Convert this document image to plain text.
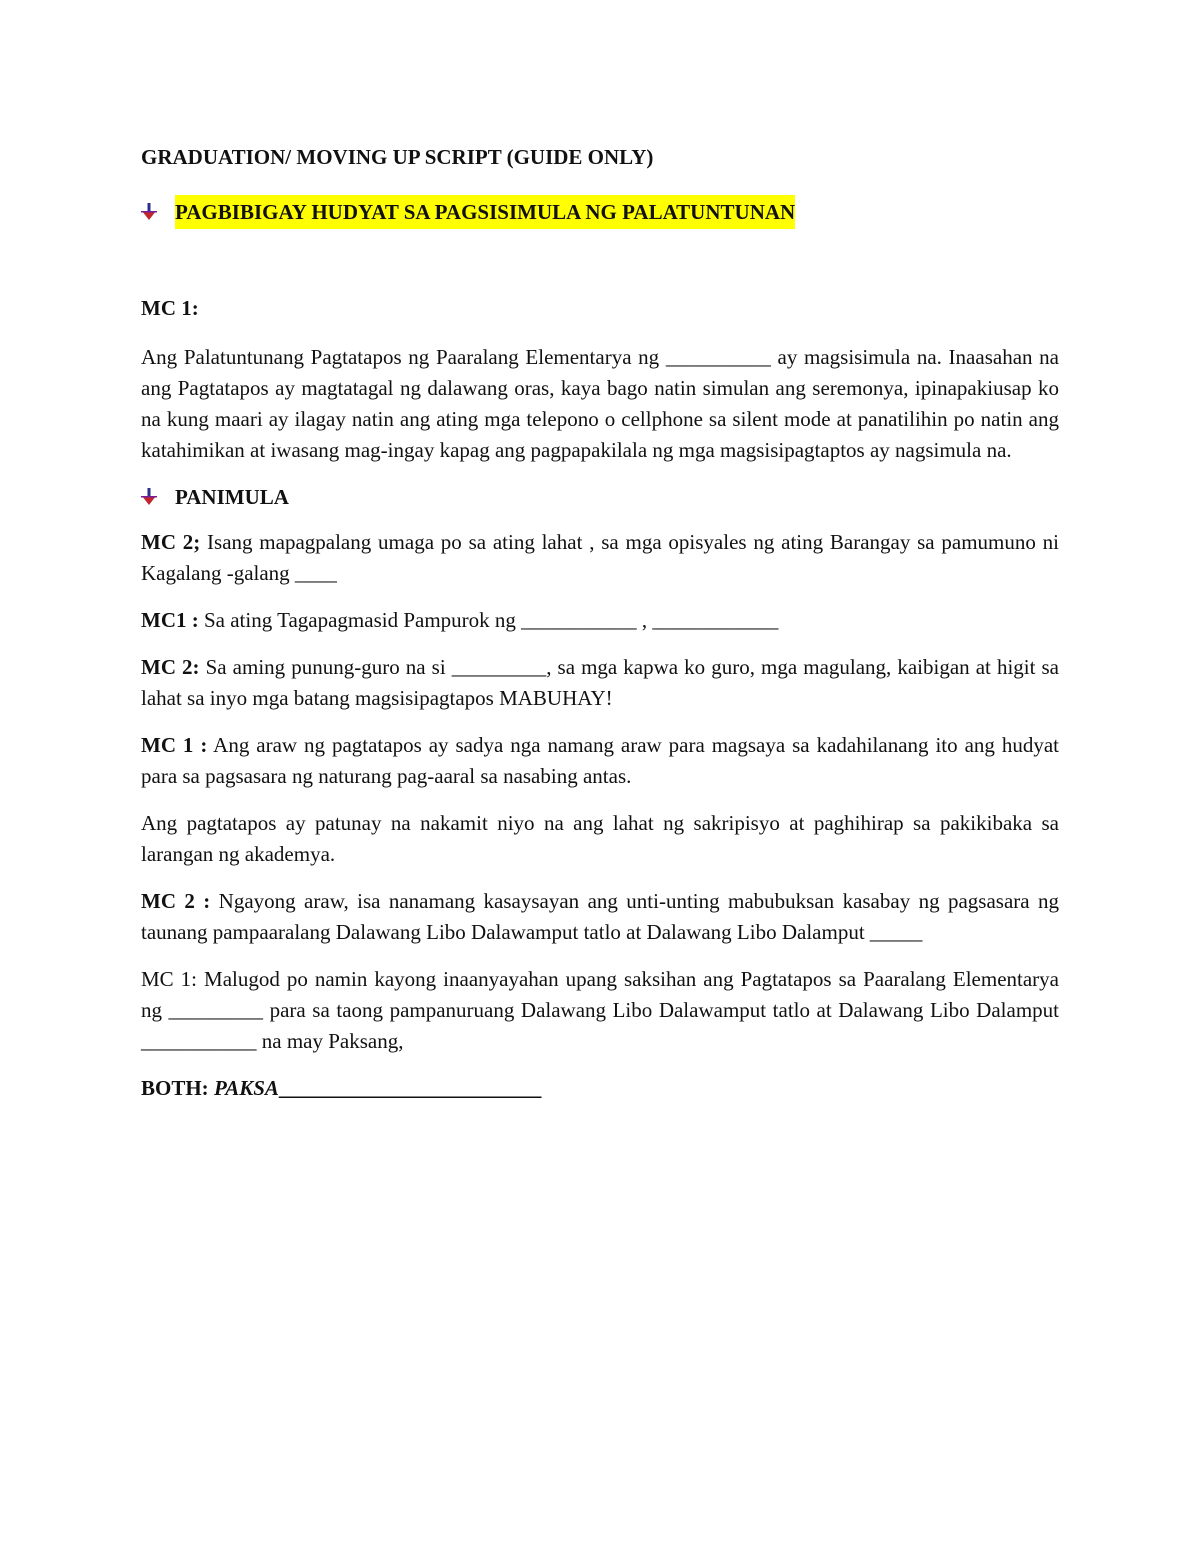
GRADUATION/ MOVING UP SCRIPT (GUIDE ONLY)

PAGBIBIGAY HUDYAT SA PAGSISIMULA NG PALATUNTUNAN

MC 1:

Ang Palatuntunang Pagtatapos ng Paaralang Elementarya ng __________ ay magsisimula na. Inaasahan na ang Pagtatapos ay magtatagal ng dalawang oras, kaya bago natin simulan ang seremonya, ipinapakiusap ko na kung maari ay ilagay natin ang ating mga telepono o cellphone sa silent mode at panatilihin po natin ang katahimikan at iwasang mag-ingay kapag ang pagpapakilala ng mga magsisipagtaptos ay nagsimula na.

PANIMULA

MC 2; Isang mapagpalang umaga po sa ating lahat , sa mga opisyales ng ating Barangay sa pamumuno ni Kagalang -galang ____

MC1 : Sa ating Tagapagmasid Pampurok ng ___________ , ____________

MC 2: Sa aming punung-guro na si _________, sa mga kapwa ko guro, mga magulang, kaibigan at higit sa lahat sa inyo mga batang magsisipagtapos MABUHAY!

MC 1 : Ang araw ng pagtatapos ay sadya nga namang araw para magsaya sa kadahilanang ito ang hudyat para sa pagsasara ng naturang pag-aaral sa nasabing antas.

Ang pagtatapos ay patunay na nakamit niyo na ang lahat ng sakripisyo at paghihirap sa pakikibaka sa larangan ng akademya.

MC 2 : Ngayong araw, isa nanamang kasaysayan ang unti-unting mabubuksan kasabay ng pagsasara ng taunang pampaaralang Dalawang Libo Dalawamput tatlo at Dalawang Libo Dalamput _____

MC 1: Malugod po namin kayong inaanyayahan upang saksihan ang Pagtatapos sa Paaralang Elementarya ng _________ para sa taong pampanuruang Dalawang Libo Dalawamput tatlo at Dalawang Libo Dalamput ___________ na may Paksang,

BOTH: PAKSA_________________________
